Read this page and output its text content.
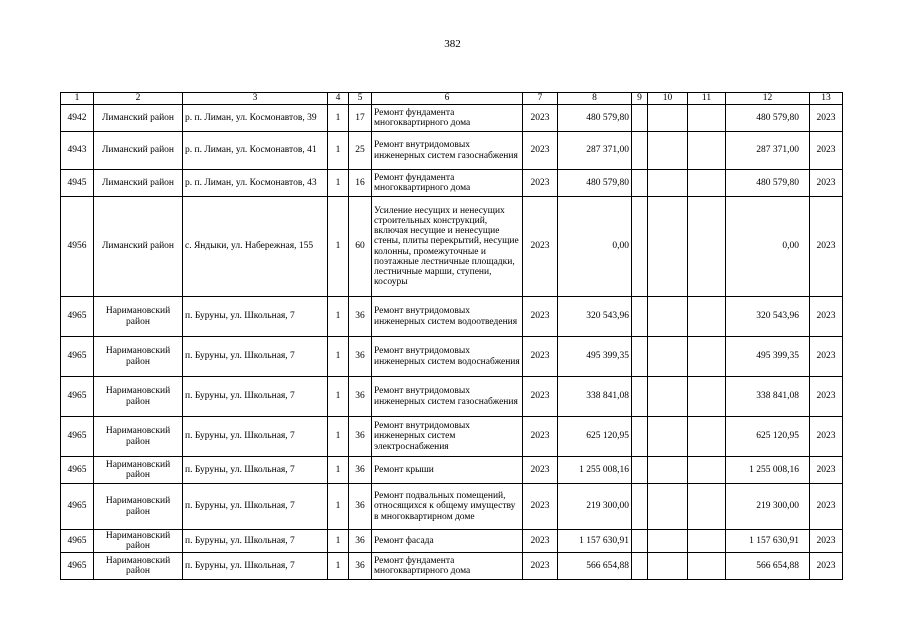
382
1	2	3	4	5	6	7	8	9	10	11	12	13
4942	Лиманский район	р. п. Лиман, ул. Космонавтов, 39	1	17	Ремонт фундамента многоквартирного дома	2023	480 579,80				480 579,80	2023
4943	Лиманский район	р. п. Лиман, ул. Космонавтов, 41	1	25	Ремонт внутридомовых инженерных систем газоснабжения	2023	287 371,00				287 371,00	2023
4945	Лиманский район	р. п. Лиман, ул. Космонавтов, 43	1	16	Ремонт фундамента многоквартирного дома	2023	480 579,80				480 579,80	2023
4956	Лиманский район	с. Яндыки, ул. Набережная, 155	1	60	Усиление несущих и ненесущих строительных конструкций, включая несущие и ненесущие стены, плиты перекрытий, несущие колонны, промежуточные и поэтажные лестничные площадки, лестничные марши, ступени, косоуры	2023	0,00				0,00	2023
4965	Наримановский район	п. Буруны, ул. Школьная, 7	1	36	Ремонт внутридомовых инженерных систем водоотведения	2023	320 543,96				320 543,96	2023
4965	Наримановский район	п. Буруны, ул. Школьная, 7	1	36	Ремонт внутридомовых инженерных систем водоснабжения	2023	495 399,35				495 399,35	2023
4965	Наримановский район	п. Буруны, ул. Школьная, 7	1	36	Ремонт внутридомовых инженерных систем газоснабжения	2023	338 841,08				338 841,08	2023
4965	Наримановский район	п. Буруны, ул. Школьная, 7	1	36	Ремонт внутридомовых инженерных систем электроснабжения	2023	625 120,95				625 120,95	2023
4965	Наримановский район	п. Буруны, ул. Школьная, 7	1	36	Ремонт крыши	2023	1 255 008,16				1 255 008,16	2023
4965	Наримановский район	п. Буруны, ул. Школьная, 7	1	36	Ремонт подвальных помещений, относящихся к общему имуществу в многоквартирном доме	2023	219 300,00				219 300,00	2023
4965	Наримановский район	п. Буруны, ул. Школьная, 7	1	36	Ремонт фасада	2023	1 157 630,91				1 157 630,91	2023
4965	Наримановский район	п. Буруны, ул. Школьная, 7	1	36	Ремонт фундамента многоквартирного дома	2023	566 654,88				566 654,88	2023
